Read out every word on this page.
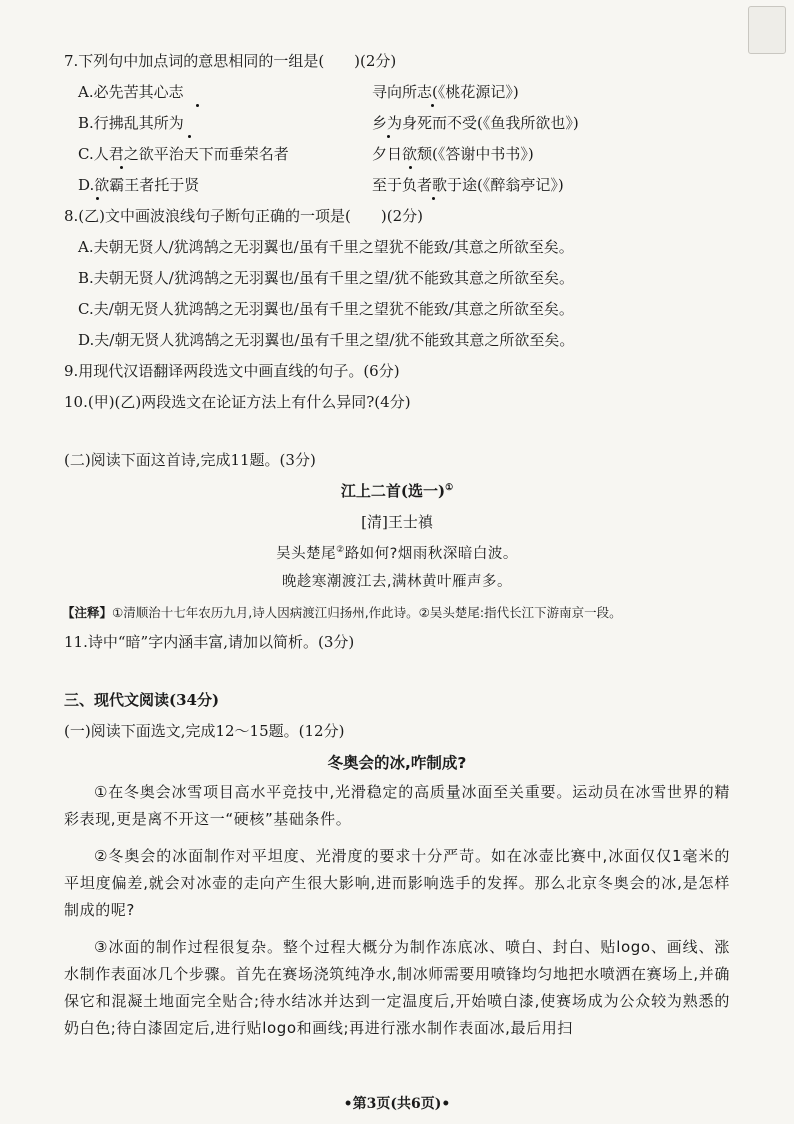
7.下列句中加点词的意思相同的一组是(　　)(2分)
A.必先苦其心志	寻向所志(《桃花源记》)
B.行拂乱其所为	乡为身死而不受(《鱼我所欲也》)
C.人君之欲平治天下而垂荣名者	夕日欲颓(《答谢中书书》)
D.欲霸王者托于贤	至于负者歌于途(《醉翁亭记》)
8.(乙)文中画波浪线句子断句正确的一项是(　　)(2分)
A.夫朝无贤人/犹鸿鹄之无羽翼也/虽有千里之望犹不能致/其意之所欲至矣。
B.夫朝无贤人/犹鸿鹄之无羽翼也/虽有千里之望/犹不能致其意之所欲至矣。
C.夫/朝无贤人犹鸿鹄之无羽翼也/虽有千里之望犹不能致/其意之所欲至矣。
D.夫/朝无贤人犹鸿鹄之无羽翼也/虽有千里之望/犹不能致其意之所欲至矣。
9.用现代汉语翻译两段选文中画直线的句子。(6分)
10.(甲)(乙)两段选文在论证方法上有什么异同?(4分)
(二)阅读下面这首诗,完成11题。(3分)
江上二首(选一)①
[清]王士禛
吴头楚尾②路如何?烟雨秋深暗白波。
晚趁寒潮渡江去,满林黄叶雁声多。
【注释】①清顺治十七年农历九月,诗人因病渡江归扬州,作此诗。②吴头楚尾:指代长江下游南京一段。
11.诗中“暗”字内涵丰富,请加以简析。(3分)
三、现代文阅读(34分)
(一)阅读下面选文,完成12～15题。(12分)
冬奥会的冰,咋制成?
①在冬奥会冰雪项目高水平竞技中,光滑稳定的高质量冰面至关重要。运动员在冰雪世界的精彩表现,更是离不开这一“硬核”基础条件。
②冬奥会的冰面制作对平坦度、光滑度的要求十分严苛。如在冰壶比赛中,冰面仅仅1毫米的平坦度偏差,就会对冰壶的走向产生很大影响,进而影响选手的发挥。那么北京冬奥会的冰,是怎样制成的呢?
③冰面的制作过程很复杂。整个过程大概分为制作冻底冰、喷白、封白、贴logo、画线、涨水制作表面冰几个步骤。首先在赛场浇筑纯净水,制冰师需要用喷锋均匀地把水喷洒在赛场上,并确保它和混凝土地面完全贴合;待水结冰并达到一定温度后,开始喷白漆,使赛场成为公众较为熟悉的奶白色;待白漆固定后,进行贴logo和画线;再进行涨水制作表面冰,最后用扫
•第3页(共6页)•
